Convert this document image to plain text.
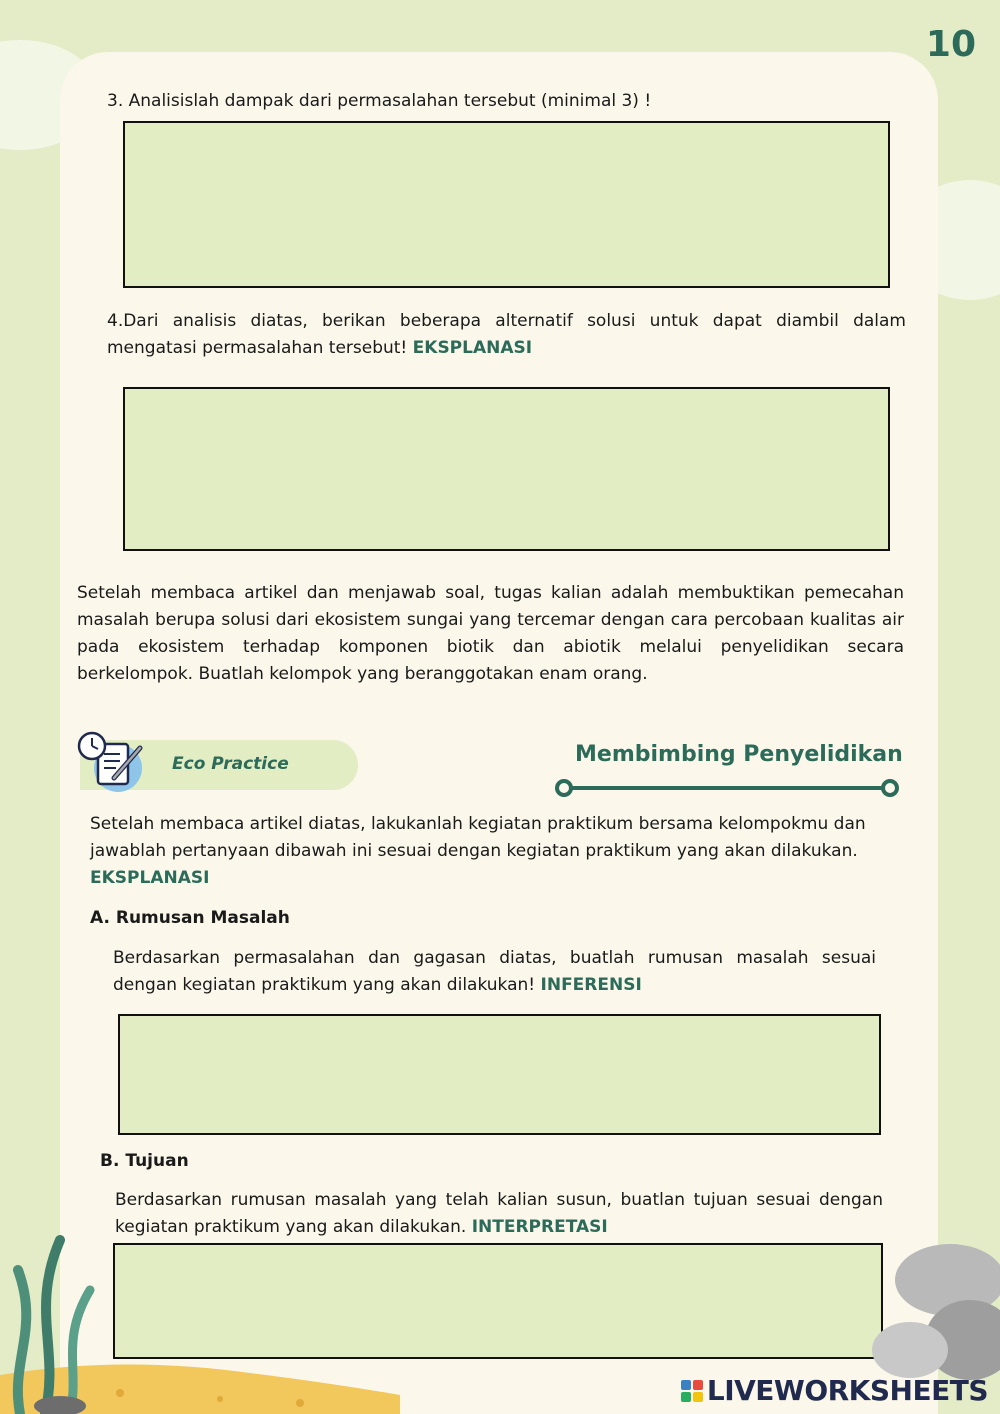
10
3. Analisislah dampak dari permasalahan tersebut (minimal 3) !
4.Dari analisis diatas, berikan beberapa alternatif solusi untuk dapat diambil dalam mengatasi permasalahan tersebut! EKSPLANASI
Setelah membaca artikel dan menjawab soal, tugas kalian adalah membuktikan pemecahan masalah berupa solusi dari ekosistem sungai yang tercemar dengan cara percobaan kualitas air pada ekosistem terhadap komponen biotik dan abiotik melalui penyelidikan secara berkelompok. Buatlah kelompok yang beranggotakan enam orang.
Eco Practice	Membimbing Penyelidikan
Setelah membaca artikel diatas, lakukanlah kegiatan praktikum bersama kelompokmu dan jawablah pertanyaan dibawah ini sesuai dengan kegiatan praktikum yang akan dilakukan.
EKSPLANASI
A. Rumusan Masalah
Berdasarkan permasalahan dan gagasan diatas, buatlah rumusan masalah sesuai dengan kegiatan praktikum yang akan dilakukan! INFERENSI
B. Tujuan
Berdasarkan rumusan masalah yang telah kalian susun, buatlan tujuan sesuai dengan kegiatan praktikum yang akan dilakukan. INTERPRETASI
LIVEWORKSHEETS
